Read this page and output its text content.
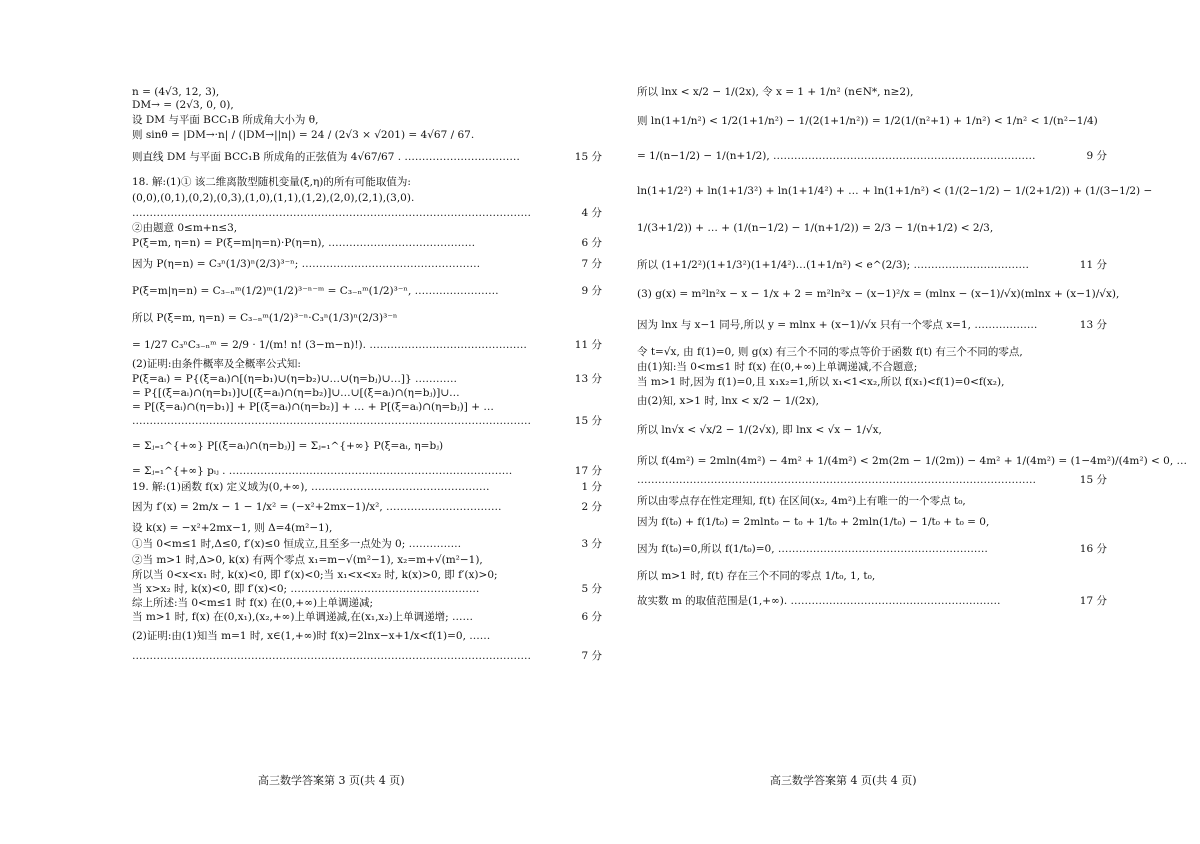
n = (4√3, 12, 3),
DM→ = (2√3, 0, 0),
设 DM 与平面 BCC₁B 所成角大小为 θ,
则 sinθ = |DM→·n| / (|DM→||n|) = 24 / (2√3 × √201) = 4√67 / 67.
则直线 DM 与平面 BCC₁B 所成角的正弦值为 4√67/67 . ……………………………	15 分
18. 解:(1)① 该二维离散型随机变量(ξ,η)的所有可能取值为:
(0,0),(0,1),(0,2),(0,3),(1,0),(1,1),(1,2),(2,0),(2,1),(3,0).
……………………………………………………………………………………………………	4 分
②由题意 0≤m+n≤3,
P(ξ=m, η=n) = P(ξ=m|η=n)·P(η=n), ……………………………………	6 分
因为 P(η=n) = C₃ⁿ(1/3)ⁿ(2/3)³⁻ⁿ; ……………………………………………	7 分
P(ξ=m|η=n) = C₃₋ₙᵐ(1/2)ᵐ(1/2)³⁻ⁿ⁻ᵐ = C₃₋ₙᵐ(1/2)³⁻ⁿ, ……………………	9 分
所以 P(ξ=m, η=n) = C₃₋ₙᵐ(1/2)³⁻ⁿ·C₃ⁿ(1/3)ⁿ(2/3)³⁻ⁿ
= 1/27 C₃ⁿC₃₋ₙᵐ = 2/9 · 1/(m! n! (3−m−n)!). ………………………………………	11 分
(2)证明:由条件概率及全概率公式知:
P(ξ=aᵢ) = P{(ξ=aᵢ)∩[(η=b₁)∪(η=b₂)∪…∪(η=bⱼ)∪…]} …………	13 分
= P{[(ξ=aᵢ)∩(η=b₁)]∪[(ξ=aᵢ)∩(η=b₂)]∪…∪[(ξ=aᵢ)∩(η=bⱼ)]∪…
= P[(ξ=aᵢ)∩(η=b₁)] + P[(ξ=aᵢ)∩(η=b₂)] + … + P[(ξ=aᵢ)∩(η=bⱼ)] + …
……………………………………………………………………………………………………	15 分
= Σⱼ₌₁^{+∞} P[(ξ=aᵢ)∩(η=bⱼ)] = Σⱼ₌₁^{+∞} P(ξ=aᵢ, η=bⱼ)
= Σⱼ₌₁^{+∞} pᵢⱼ . ………………………………………………………………………	17 分
19. 解:(1)函数 f(x) 定义域为(0,+∞), ……………………………………………	1 分
因为 f′(x) = 2m/x − 1 − 1/x² = (−x²+2mx−1)/x², ……………………………	2 分
设 k(x) = −x²+2mx−1, 则 Δ=4(m²−1),
①当 0<m≤1 时,Δ≤0, f′(x)≤0 恒成立,且至多一点处为 0; ……………	3 分
②当 m>1 时,Δ>0, k(x) 有两个零点 x₁=m−√(m²−1), x₂=m+√(m²−1),
所以当 0<x<x₁ 时, k(x)<0, 即 f′(x)<0;当 x₁<x<x₂ 时, k(x)>0, 即 f′(x)>0;
当 x>x₂ 时, k(x)<0, 即 f′(x)<0; ………………………………………………	5 分
综上所述:当 0<m≤1 时 f(x) 在(0,+∞)上单调递减;
当 m>1 时, f(x) 在(0,x₁),(x₂,+∞)上单调递减,在(x₁,x₂)上单调递增; ……	6 分
(2)证明:由(1)知当 m=1 时, x∈(1,+∞)时 f(x)=2lnx−x+1/x<f(1)=0, ……
……………………………………………………………………………………………………	7 分
所以 lnx < x/2 − 1/(2x), 令 x = 1 + 1/n² (n∈N*, n≥2),
则 ln(1+1/n²) < 1/2(1+1/n²) − 1/(2(1+1/n²)) = 1/2(1/(n²+1) + 1/n²) < 1/n² < 1/(n²−1/4)
= 1/(n−1/2) − 1/(n+1/2), …………………………………………………………………	9 分
ln(1+1/2²) + ln(1+1/3²) + ln(1+1/4²) + … + ln(1+1/n²) < (1/(2−1/2) − 1/(2+1/2)) + (1/(3−1/2) −
1/(3+1/2)) + … + (1/(n−1/2) − 1/(n+1/2)) = 2/3 − 1/(n+1/2) < 2/3,
所以 (1+1/2²)(1+1/3²)(1+1/4²)…(1+1/n²) < e^(2/3); ……………………………	11 分
(3) g(x) = m²ln²x − x − 1/x + 2 = m²ln²x − (x−1)²/x = (mlnx − (x−1)/√x)(mlnx + (x−1)/√x),
因为 lnx 与 x−1 同号,所以 y = mlnx + (x−1)/√x 只有一个零点 x=1, ………………	13 分
令 t=√x, 由 f(1)=0, 则 g(x) 有三个不同的零点等价于函数 f(t) 有三个不同的零点,
由(1)知:当 0<m≤1 时 f(x) 在(0,+∞)上单调递减,不合题意;
当 m>1 时,因为 f(1)=0,且 x₁x₂=1,所以 x₁<1<x₂,所以 f(x₁)<f(1)=0<f(x₂),
由(2)知, x>1 时, lnx < x/2 − 1/(2x),
所以 ln√x < √x/2 − 1/(2√x), 即 lnx < √x − 1/√x,
所以 f(4m²) = 2mln(4m²) − 4m² + 1/(4m²) < 2m(2m − 1/(2m)) − 4m² + 1/(4m²) = (1−4m²)/(4m²) < 0, …
……………………………………………………………………………………………………	15 分
所以由零点存在性定理知, f(t) 在区间(x₂, 4m²)上有唯一的一个零点 t₀,
因为 f(t₀) + f(1/t₀) = 2mlnt₀ − t₀ + 1/t₀ + 2mln(1/t₀) − 1/t₀ + t₀ = 0,
因为 f(t₀)=0,所以 f(1/t₀)=0, ……………………………………………………	16 分
所以 m>1 时, f(t) 存在三个不同的零点 1/t₀, 1, t₀,
故实数 m 的取值范围是(1,+∞). ……………………………………………………	17 分
高三数学答案第 3 页(共 4 页)	高三数学答案第 4 页(共 4 页)
